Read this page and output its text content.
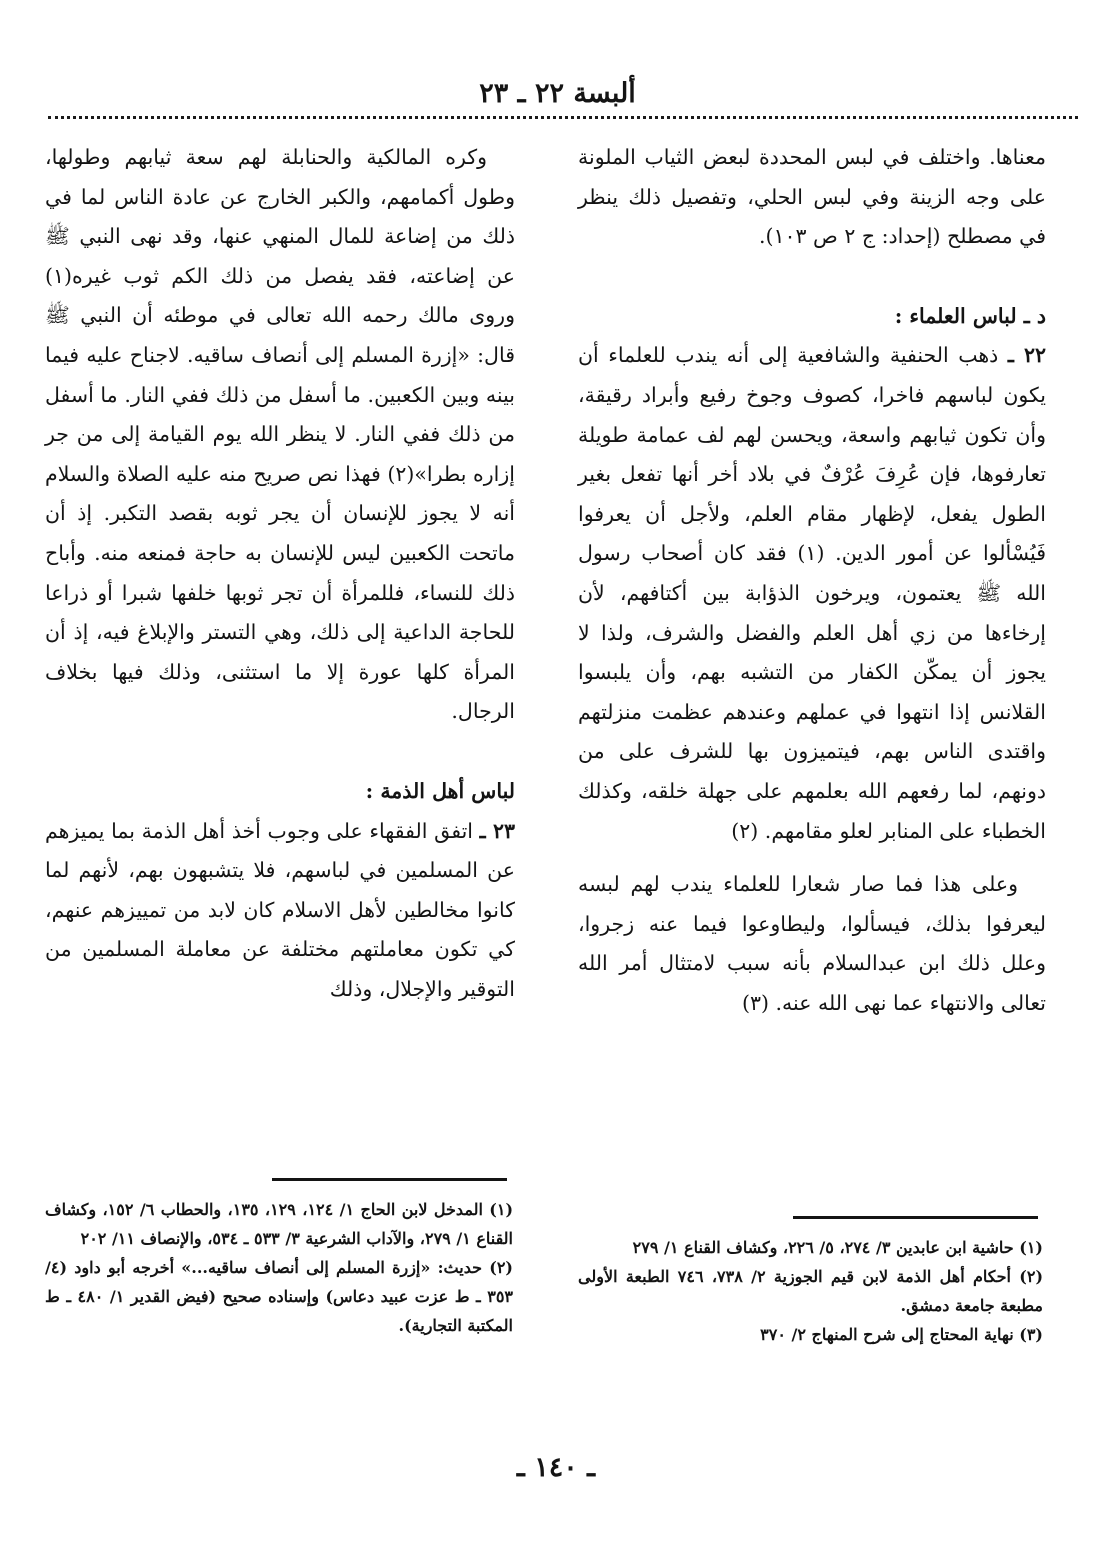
ألبسة ٢٢ ـ ٢٣

معناها. واختلف في لبس المحددة لبعض الثياب الملونة على وجه الزينة وفي لبس الحلي، وتفصيل ذلك ينظر في مصطلح (إحداد: ج ٢ ص ١٠٣).

د ـ لباس العلماء :

٢٢ ـ ذهب الحنفية والشافعية إلى أنه يندب للعلماء أن يكون لباسهم فاخرا، كصوف وجوخ رفيع وأبراد رقيقة، وأن تكون ثيابهم واسعة، ويحسن لهم لف عمامة طويلة تعارفوها، فإن عُرِفَ عُرْفٌ في بلاد أخر أنها تفعل بغير الطول يفعل، لإظهار مقام العلم، ولأجل أن يعرفوا فَيُسْألوا عن أمور الدين. (١) فقد كان أصحاب رسول الله ﷺ يعتمون، ويرخون الذؤابة بين أكتافهم، لأن إرخاءها من زي أهل العلم والفضل والشرف، ولذا لا يجوز أن يمكّن الكفار من التشبه بهم، وأن يلبسوا القلانس إذا انتهوا في عملهم وعندهم عظمت منزلتهم واقتدى الناس بهم، فيتميزون بها للشرف على من دونهم، لما رفعهم الله بعلمهم على جهلة خلقه، وكذلك الخطباء على المنابر لعلو مقامهم. (٢)

وعلى هذا فما صار شعارا للعلماء يندب لهم لبسه ليعرفوا بذلك، فيسألوا، وليطاوعوا فيما عنه زجروا، وعلل ذلك ابن عبدالسلام بأنه سبب لامتثال أمر الله تعالى والانتهاء عما نهى الله عنه. (٣)

وكره المالكية والحنابلة لهم سعة ثيابهم وطولها، وطول أكمامهم، والكبر الخارج عن عادة الناس لما في ذلك من إضاعة للمال المنهي عنها، وقد نهى النبي ﷺ عن إضاعته، فقد يفصل من ذلك الكم ثوب غيره(١) وروى مالك رحمه الله تعالى في موطئه أن النبي ﷺ قال: «إزرة المسلم إلى أنصاف ساقيه. لاجناح عليه فيما بينه وبين الكعبين. ما أسفل من ذلك ففي النار. ما أسفل من ذلك ففي النار. لا ينظر الله يوم القيامة إلى من جر إزاره بطرا»(٢) فهذا نص صريح منه عليه الصلاة والسلام أنه لا يجوز للإنسان أن يجر ثوبه بقصد التكبر. إذ أن ماتحت الكعبين ليس للإنسان به حاجة فمنعه منه. وأباح ذلك للنساء، فللمرأة أن تجر ثوبها خلفها شبرا أو ذراعا للحاجة الداعية إلى ذلك، وهي التستر والإبلاغ فيه، إذ أن المرأة كلها عورة إلا ما استثنى، وذلك فيها بخلاف الرجال.

لباس أهل الذمة :

٢٣ ـ اتفق الفقهاء على وجوب أخذ أهل الذمة بما يميزهم عن المسلمين في لباسهم، فلا يتشبهون بهم، لأنهم لما كانوا مخالطين لأهل الاسلام كان لابد من تمييزهم عنهم، كي تكون معاملتهم مختلفة عن معاملة المسلمين من التوقير والإجلال، وذلك

(١) حاشية ابن عابدين ٣/ ٢٧٤، ٥/ ٢٢٦، وكشاف القناع ١/ ٢٧٩

(٢) أحكام أهل الذمة لابن قيم الجوزية ٢/ ٧٣٨، ٧٤٦ الطبعة الأولى مطبعة جامعة دمشق.

(٣) نهاية المحتاج إلى شرح المنهاج ٢/ ٣٧٠

(١) المدخل لابن الحاج ١/ ١٢٤، ١٢٩، ١٣٥، والحطاب ٦/ ١٥٢، وكشاف القناع ١/ ٢٧٩، والآداب الشرعية ٣/ ٥٣٣ ـ ٥٣٤، والإنصاف ١١/ ٢٠٢

(٢) حديث: «إزرة المسلم إلى أنصاف ساقيه...» أخرجه أبو داود (٤/ ٣٥٣ ـ ط عزت عبيد دعاس) وإسناده صحيح (فيض القدير ١/ ٤٨٠ ـ ط المكتبة التجارية).

ـ ١٤٠ ـ
